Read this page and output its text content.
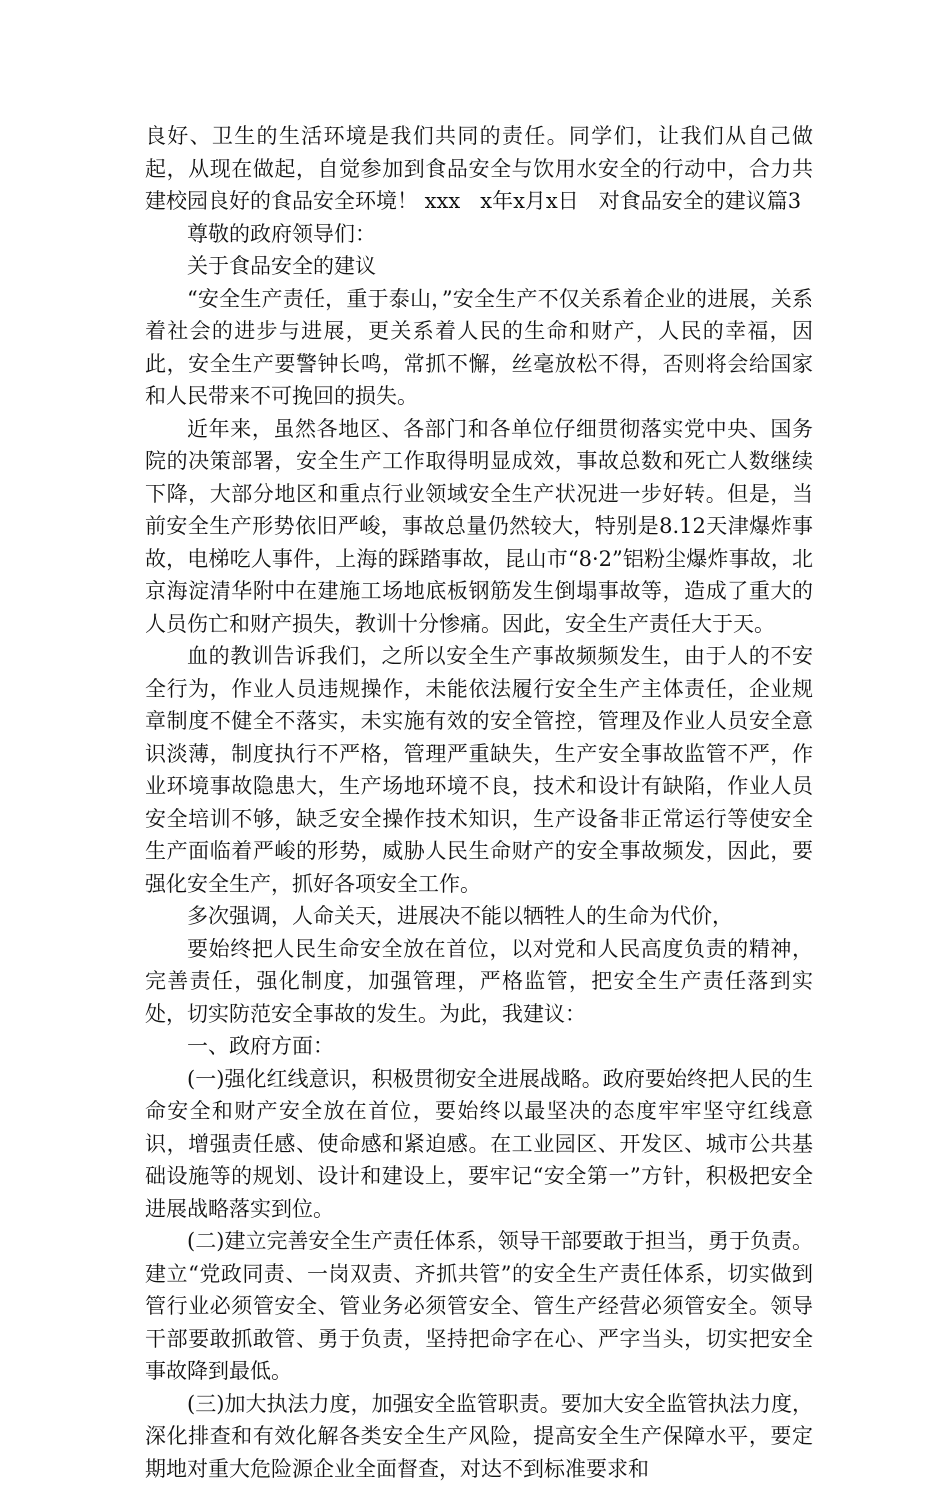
良好、卫生的生活环境是我们共同的责任。同学们，让我们从自己做起，从现在做起，自觉参加到食品安全与饮用水安全的行动中，合力共建校园良好的食品安全环境！ xxx   x年x月x日   对食品安全的建议篇3

尊敬的政府领导们：

关于食品安全的建议

“安全生产责任，重于泰山，”安全生产不仅关系着企业的进展，关系着社会的进步与进展，更关系着人民的生命和财产，人民的幸福，因此，安全生产要警钟长鸣，常抓不懈，丝毫放松不得，否则将会给国家和人民带来不可挽回的损失。

近年来，虽然各地区、各部门和各单位仔细贯彻落实党中央、国务院的决策部署，安全生产工作取得明显成效，事故总数和死亡人数继续下降，大部分地区和重点行业领域安全生产状况进一步好转。但是，当前安全生产形势依旧严峻，事故总量仍然较大，特别是8.12天津爆炸事故，电梯吃人事件，上海的踩踏事故，昆山市“8·2”铝粉尘爆炸事故，北京海淀清华附中在建施工场地底板钢筋发生倒塌事故等，造成了重大的人员伤亡和财产损失，教训十分惨痛。因此，安全生产责任大于天。

血的教训告诉我们，之所以安全生产事故频频发生，由于人的不安全行为，作业人员违规操作，未能依法履行安全生产主体责任，企业规章制度不健全不落实，未实施有效的安全管控，管理及作业人员安全意识淡薄，制度执行不严格，管理严重缺失，生产安全事故监管不严，作业环境事故隐患大，生产场地环境不良，技术和设计有缺陷，作业人员安全培训不够，缺乏安全操作技术知识，生产设备非正常运行等使安全生产面临着严峻的形势，威胁人民生命财产的安全事故频发，因此，要强化安全生产，抓好各项安全工作。

多次强调，人命关天，进展决不能以牺牲人的生命为代价，

要始终把人民生命安全放在首位，以对党和人民高度负责的精神，完善责任，强化制度，加强管理，严格监管，把安全生产责任落到实处，切实防范安全事故的发生。为此，我建议：

一、政府方面：

(一)强化红线意识，积极贯彻安全进展战略。政府要始终把人民的生命安全和财产安全放在首位，要始终以最坚决的态度牢牢坚守红线意识，增强责任感、使命感和紧迫感。在工业园区、开发区、城市公共基础设施等的规划、设计和建设上，要牢记“安全第一”方针，积极把安全进展战略落实到位。

(二)建立完善安全生产责任体系，领导干部要敢于担当，勇于负责。建立“党政同责、一岗双责、齐抓共管”的安全生产责任体系，切实做到管行业必须管安全、管业务必须管安全、管生产经营必须管安全。领导干部要敢抓敢管、勇于负责，坚持把命字在心、严字当头，切实把安全事故降到最低。

(三)加大执法力度，加强安全监管职责。要加大安全监管执法力度，深化排查和有效化解各类安全生产风险，提高安全生产保障水平，要定期地对重大危险源企业全面督查，对达不到标准要求和
